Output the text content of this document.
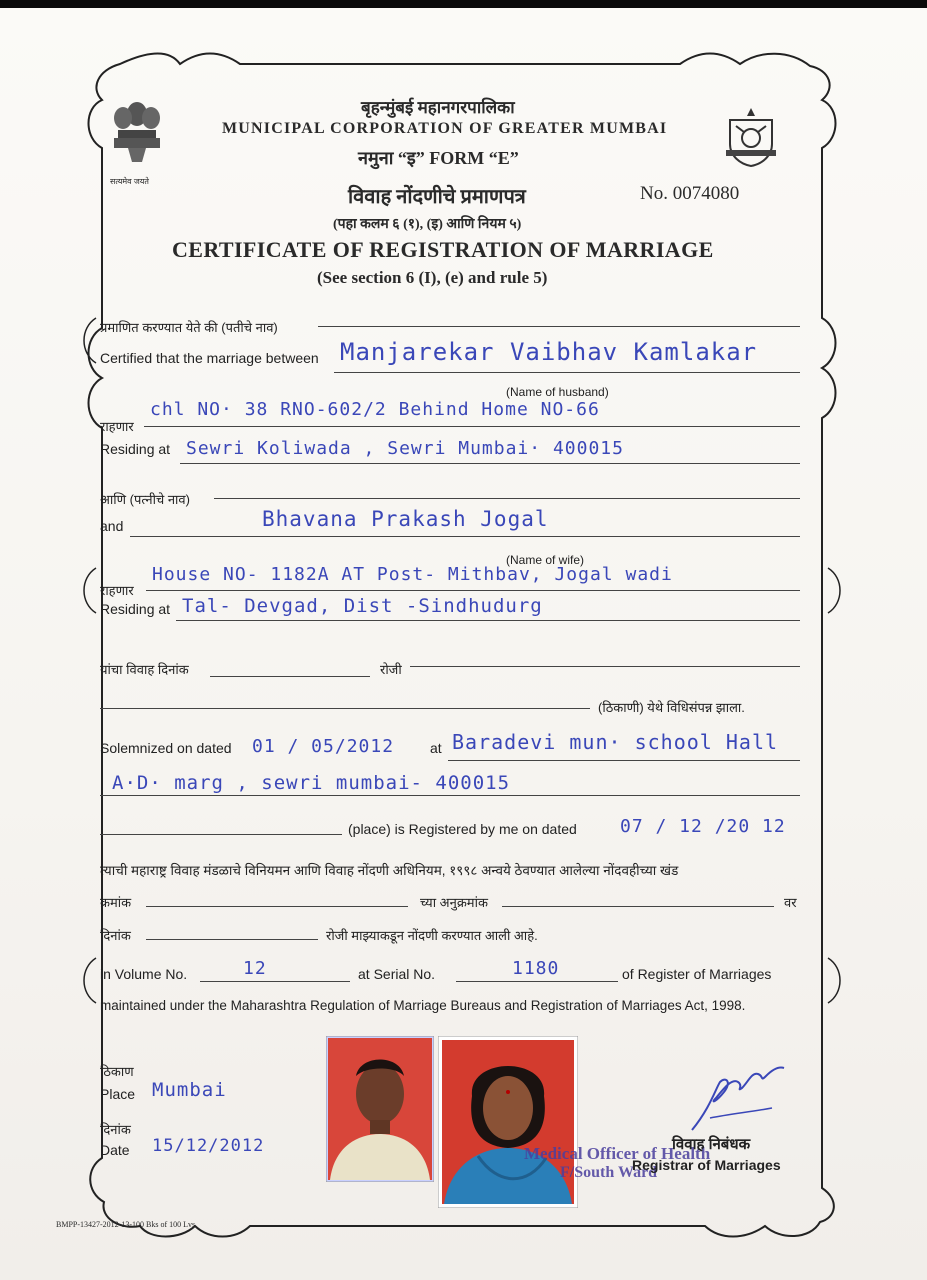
सत्यमेव जयते
बृहन्मुंबई महानगरपालिका
MUNICIPAL CORPORATION OF GREATER MUMBAI
नमुना “इ” FORM “E”
विवाह नोंदणीचे प्रमाणपत्र	No. 0074080
(पहा कलम ६ (१), (इ) आणि नियम ५)
CERTIFICATE OF REGISTRATION OF MARRIAGE
(See section 6 (I), (e) and rule 5)
प्रमाणित करण्यात येते की (पतीचे नाव)
Certified that the marriage between Manjarekar Vaibhav Kamlakar
(Name of husband)
राहणार
chl NO· 38 RNO-602/2 Behind Home NO-66
Residing at Sewri Koliwada , Sewri Mumbai· 400015
आणि (पत्नीचे नाव)
and	Bhavana Prakash Jogal
(Name of wife)
राहणार
House NO- 1182A AT Post- Mithbav, Jogal wadi
Residing at Tal- Devgad, Dist -Sindhudurg
यांचा विवाह दिनांक	रोजी
(ठिकाणी) येथे विधिसंपन्न झाला.
Solemnized on dated 01 / 05/2012	at Baradevi mun· school Hall
A·D· marg , sewri mumbai- 400015
(place) is Registered by me on dated 07 / 12 /20 12
त्याची महाराष्ट्र विवाह मंडळाचे विनियमन आणि विवाह नोंदणी अधिनियम, १९९८ अन्वये ठेवण्यात आलेल्या नोंदवहीच्या खंड
क्रमांक	च्या अनुक्रमांक	वर
दिनांक	रोजी माझ्याकडून नोंदणी करण्यात आली आहे.
in Volume No.	12	at Serial No.	1180	of Register of Marriages
maintained under the Maharashtra Regulation of Marriage Bureaus and Registration of Marriages Act, 1998.
ठिकाण
Place Mumbai
दिनांक
Date 15/12/2012	Medical Officer of Health
F/South Ward
विवाह निबंधक
Registrar of Marriages
BMPP-13427-2012-13-100 Bks of 100 Lvs
